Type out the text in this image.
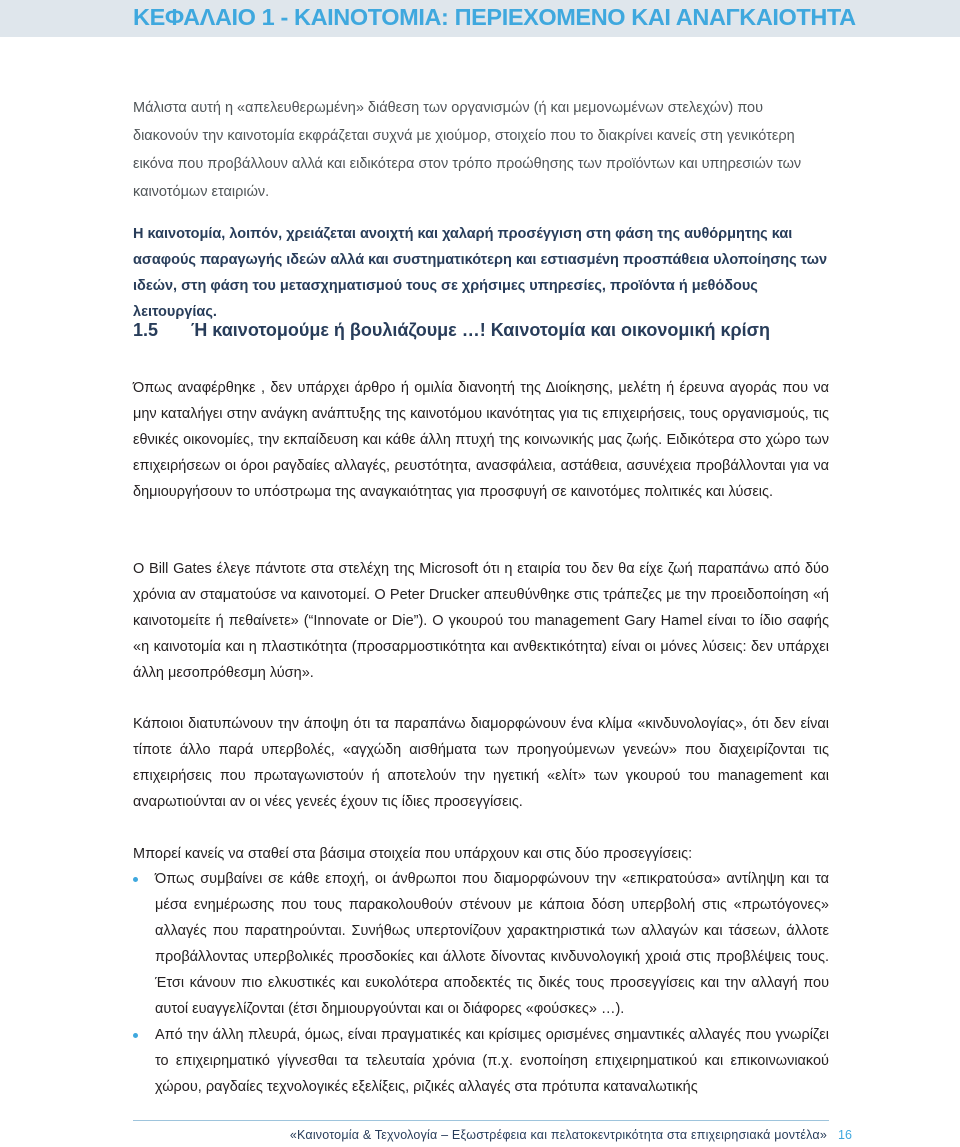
ΚΕΦΑΛΑΙΟ 1 - ΚΑΙΝΟΤΟΜΙΑ: ΠΕΡΙΕΧΟΜΕΝΟ ΚΑΙ ΑΝΑΓΚΑΙΟΤΗΤΑ

Μάλιστα αυτή η «απελευθερωμένη» διάθεση των οργανισμών (ή και μεμονωμένων στελεχών) που διακονούν την καινοτομία εκφράζεται συχνά με χιούμορ, στοιχείο που το διακρίνει κανείς στη γενικότερη εικόνα που προβάλλουν αλλά και ειδικότερα στον τρόπο προώθησης των προϊόντων και υπηρεσιών των καινοτόμων εταιριών.

Η καινοτομία, λοιπόν, χρειάζεται ανοιχτή και χαλαρή προσέγγιση στη φάση της αυθόρμητης και ασαφούς παραγωγής ιδεών αλλά και συστηματικότερη και εστιασμένη προσπάθεια υλοποίησης των ιδεών, στη φάση του μετασχηματισμού τους σε χρήσιμες υπηρεσίες, προϊόντα ή μεθόδους λειτουργίας.

1.5 Ή καινοτομούμε ή βουλιάζουμε …! Καινοτομία και οικονομική κρίση

Όπως αναφέρθηκε , δεν υπάρχει άρθρο ή ομιλία διανοητή της Διοίκησης, μελέτη ή έρευνα αγοράς που να μην καταλήγει στην ανάγκη ανάπτυξης της καινοτόμου ικανότητας για τις επιχειρήσεις, τους οργανισμούς, τις εθνικές οικονομίες, την εκπαίδευση και κάθε άλλη πτυχή της κοινωνικής μας ζωής. Ειδικότερα στο χώρο των επιχειρήσεων οι όροι ραγδαίες αλλαγές, ρευστότητα, ανασφάλεια, αστάθεια, ασυνέχεια προβάλλονται για να δημιουργήσουν το υπόστρωμα της αναγκαιότητας για προσφυγή σε καινοτόμες πολιτικές και λύσεις.

Ο Bill Gates έλεγε πάντοτε στα στελέχη της Microsoft ότι η εταιρία του δεν θα είχε ζωή παραπάνω από δύο χρόνια αν σταματούσε να καινοτομεί. Ο Peter Drucker απευθύνθηκε στις τράπεζες με την προειδοποίηση «ή καινοτομείτε ή πεθαίνετε» (“Innovate or Die”). Ο γκουρού του management Gary Hamel είναι το ίδιο σαφής «η καινοτομία και η πλαστικότητα (προσαρμοστικότητα και ανθεκτικότητα) είναι οι μόνες λύσεις: δεν υπάρχει άλλη μεσοπρόθεσμη λύση».

Κάποιοι διατυπώνουν την άποψη ότι τα παραπάνω διαμορφώνουν ένα κλίμα «κινδυνολογίας», ότι δεν είναι τίποτε άλλο παρά υπερβολές, «αγχώδη αισθήματα των προηγούμενων γενεών» που διαχειρίζονται τις επιχειρήσεις που πρωταγωνιστούν ή αποτελούν την ηγετική «ελίτ» των γκουρού του management και αναρωτιούνται αν οι νέες γενεές έχουν τις ίδιες προσεγγίσεις.

Μπορεί κανείς να σταθεί στα βάσιμα στοιχεία που υπάρχουν και στις δύο προσεγγίσεις:

Όπως συμβαίνει σε κάθε εποχή, οι άνθρωποι που διαμορφώνουν την «επικρατούσα» αντίληψη και τα μέσα ενημέρωσης που τους παρακολουθούν στένουν με κάποια δόση υπερβολή στις «πρωτόγονες» αλλαγές που παρατηρούνται. Συνήθως υπερτονίζουν χαρακτηριστικά των αλλαγών και τάσεων, άλλοτε προβάλλοντας υπερβολικές προσδοκίες και άλλοτε δίνοντας κινδυνολογική χροιά στις προβλέψεις τους. Έτσι κάνουν πιο ελκυστικές και ευκολότερα αποδεκτές τις δικές τους προσεγγίσεις και την αλλαγή που αυτοί ευαγγελίζονται (έτσι δημιουργούνται και οι διάφορες «φούσκες» …).
Από την άλλη πλευρά, όμως, είναι πραγματικές και κρίσιμες ορισμένες σημαντικές αλλαγές που γνωρίζει το επιχειρηματικό γίγνεσθαι τα τελευταία χρόνια (π.χ. ενοποίηση επιχειρηματικού και επικοινωνιακού χώρου, ραγδαίες τεχνολογικές εξελίξεις, ριζικές αλλαγές στα πρότυπα καταναλωτικής

«Καινοτομία & Τεχνολογία – Εξωστρέφεια και πελατοκεντρικότητα στα επιχειρησιακά μοντέλα» 16
